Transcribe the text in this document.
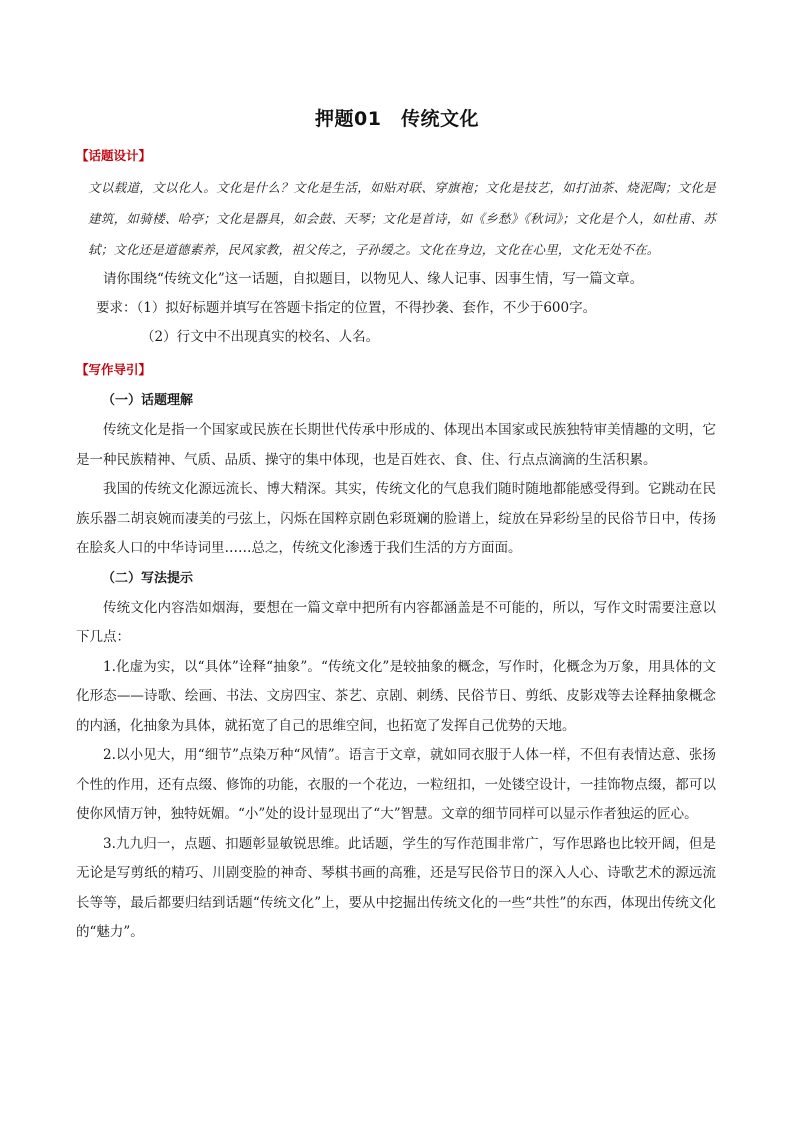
押题01　传统文化
【话题设计】

文以载道，文以化人。文化是什么？文化是生活，如贴对联、穿旗袍；文化是技艺，如打油茶、烧泥陶；文化是建筑，如骑楼、哈亭；文化是器具，如会鼓、天琴；文化是首诗，如《乡愁》《秋词》；文化是个人，如杜甫、苏轼；文化还是道德素养，民风家教，祖父传之，子孙缓之。文化在身边，文化在心里，文化无处不在。

请你围绕“传统文化”这一话题，自拟题目，以物见人、缘人记事、因事生情，写一篇文章。

要求：（1）拟好标题并填写在答题卡指定的位置，不得抄袭、套作，不少于600字。

（2）行文中不出现真实的校名、人名。

【写作导引】
（一）话题理解

传统文化是指一个国家或民族在长期世代传承中形成的、体现出本国家或民族独特审美情趣的文明，它是一种民族精神、气质、品质、操守的集中体现，也是百姓衣、食、住、行点点滴滴的生活积累。

我国的传统文化源远流长、博大精深。其实，传统文化的气息我们随时随地都能感受得到。它跳动在民族乐器二胡哀婉而凄美的弓弦上，闪烁在国粹京剧色彩斑斓的脸谱上，绽放在异彩纷呈的民俗节日中，传扬在脍炙人口的中华诗词里……总之，传统文化渗透于我们生活的方方面面。

（二）写法提示

传统文化内容浩如烟海，要想在一篇文章中把所有内容都涵盖是不可能的，所以，写作文时需要注意以下几点：

1.化虚为实，以“具体”诠释“抽象”。“传统文化”是较抽象的概念，写作时，化概念为万象，用具体的文化形态——诗歌、绘画、书法、文房四宝、茶艺、京剧、刺绣、民俗节日、剪纸、皮影戏等去诠释抽象概念的内涵，化抽象为具体，就拓宽了自己的思维空间，也拓宽了发挥自己优势的天地。

2.以小见大，用“细节”点染万种“风情”。语言于文章，就如同衣服于人体一样，不但有表情达意、张扬个性的作用，还有点缀、修饰的功能，衣服的一个花边，一粒纽扣，一处镂空设计，一挂饰物点缀，都可以使你风情万钟，独特妩媚。“小”处的设计显现出了“大”智慧。文章的细节同样可以显示作者独运的匠心。

3.九九归一，点题、扣题彰显敏锐思维。此话题，学生的写作范围非常广，写作思路也比较开阔，但是无论是写剪纸的精巧、川剧变脸的神奇、琴棋书画的高雅，还是写民俗节日的深入人心、诗歌艺术的源远流长等等，最后都要归结到话题“传统文化”上，要从中挖掘出传统文化的一些“共性”的东西，体现出传统文化的“魅力”。
